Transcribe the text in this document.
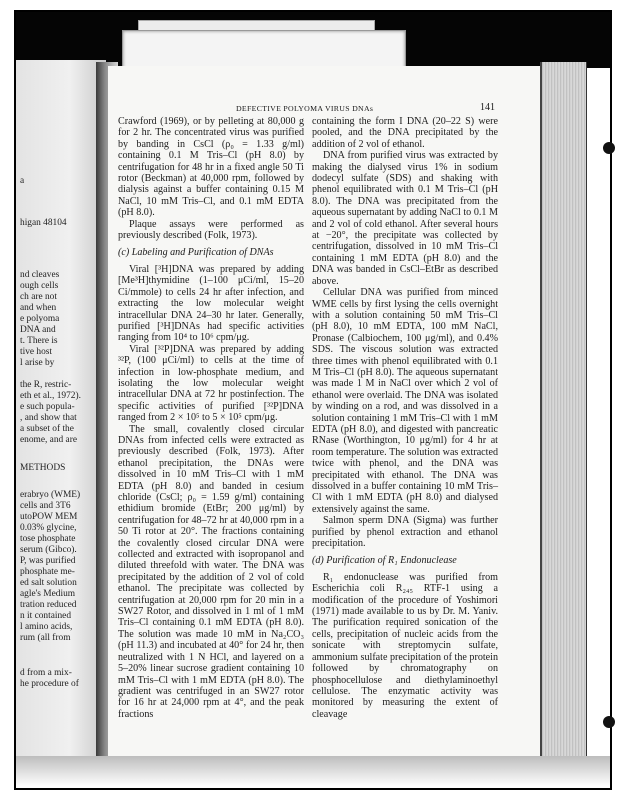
a
higan 48104
nd cleaves
ough cells
ch are not
and when
e polyoma
DNA and
t. There is
tive host
l arise by
the R, restric-
eth et al., 1972).
e such popula-
, and show that
a subset of the
enome, and are
METHODS
erabryo (WME)
cells and 3T6
utoPOW MEM
0.03% glycine,
tose phosphate
serum (Gibco).
P, was purified
phosphate me-
ed salt solution
agle's Medium
tration reduced
n it contained
l amino acids,
rum (all from
d from a mix-
he procedure of
DEFECTIVE POLYOMA VIRUS DNAs	141

Crawford (1969), or by pelleting at 80,000 g for 2 hr. The concentrated virus was purified by banding in CsCl (ρ₀ = 1.33 g/ml) containing 0.1 M Tris–Cl (pH 8.0) by centrifugation for 48 hr in a fixed angle 50 Ti rotor (Beckman) at 40,000 rpm, followed by dialysis against a buffer containing 0.15 M NaCl, 10 mM Tris–Cl, and 0.1 mM EDTA (pH 8.0).

Plaque assays were performed as previously described (Folk, 1973).

(c) Labeling and Purification of DNAs

Viral [³H]DNA was prepared by adding [Me³H]thymidine (1–100 μCi/ml, 15–20 Ci/mmole) to cells 24 hr after infection, and extracting the low molecular weight intracellular DNA 24–30 hr later. Generally, purified [³H]DNAs had specific activities ranging from 10⁴ to 10⁶ cpm/μg.

Viral [³²P]DNA was prepared by adding ³²P, (100 μCi/ml) to cells at the time of infection in low-phosphate medium, and isolating the low molecular weight intracellular DNA at 72 hr postinfection. The specific activities of purified [³²P]DNA ranged from 2 × 10⁵ to 5 × 10⁵ cpm/μg.

The small, covalently closed circular DNAs from infected cells were extracted as previously described (Folk, 1973). After ethanol precipitation, the DNAs were dissolved in 10 mM Tris–Cl with 1 mM EDTA (pH 8.0) and banded in cesium chloride (CsCl; ρ₀ = 1.59 g/ml) containing ethidium bromide (EtBr; 200 μg/ml) by centrifugation for 48–72 hr at 40,000 rpm in a 50 Ti rotor at 20°. The fractions containing the covalently closed circular DNA were collected and extracted with isopropanol and diluted threefold with water. The DNA was precipitated by the addition of 2 vol of cold ethanol. The precipitate was collected by centrifugation at 20,000 rpm for 20 min in a SW27 Rotor, and dissolved in 1 ml of 1 mM Tris–Cl containing 0.1 mM EDTA (pH 8.0). The solution was made 10 mM in Na₂CO₃ (pH 11.3) and incubated at 40° for 24 hr, then neutralized with 1 N HCl, and layered on a 5–20% linear sucrose gradient containing 10 mM Tris–Cl with 1 mM EDTA (pH 8.0). The gradient was centrifuged in an SW27 rotor for 16 hr at 24,000 rpm at 4°, and the peak fractions

containing the form I DNA (20–22 S) were pooled, and the DNA precipitated by the addition of 2 vol of ethanol.

DNA from purified virus was extracted by making the dialysed virus 1% in sodium dodecyl sulfate (SDS) and shaking with phenol equilibrated with 0.1 M Tris–Cl (pH 8.0). The DNA was precipitated from the aqueous supernatant by adding NaCl to 0.1 M and 2 vol of cold ethanol. After several hours at −20°, the precipitate was collected by centrifugation, dissolved in 10 mM Tris–Cl containing 1 mM EDTA (pH 8.0) and the DNA was banded in CsCl–EtBr as described above.

Cellular DNA was purified from minced WME cells by first lysing the cells overnight with a solution containing 50 mM Tris–Cl (pH 8.0), 10 mM EDTA, 100 mM NaCl, Pronase (Calbiochem, 100 μg/ml), and 0.4% SDS. The viscous solution was extracted three times with phenol equilibrated with 0.1 M Tris–Cl (pH 8.0). The aqueous supernatant was made 1 M in NaCl over which 2 vol of ethanol were overlaid. The DNA was isolated by winding on a rod, and was dissolved in a solution containing 1 mM Tris–Cl with 1 mM EDTA (pH 8.0), and digested with pancreatic RNase (Worthington, 10 μg/ml) for 4 hr at room temperature. The solution was extracted twice with phenol, and the DNA was precipitated with ethanol. The DNA was dissolved in a buffer containing 10 mM Tris–Cl with 1 mM EDTA (pH 8.0) and dialysed extensively against the same.

Salmon sperm DNA (Sigma) was further purified by phenol extraction and ethanol precipitation.

(d) Purification of R₁ Endonuclease

R₁ endonuclease was purified from Escherichia coli R₂₄₅ RTF-1 using a modification of the procedure of Yoshimori (1971) made available to us by Dr. M. Yaniv. The purification required sonication of the cells, precipitation of nucleic acids from the sonicate with streptomycin sulfate, ammonium sulfate precipitation of the protein followed by chromatography on phosphocellulose and diethylaminoethyl cellulose. The enzymatic activity was monitored by measuring the extent of cleavage
